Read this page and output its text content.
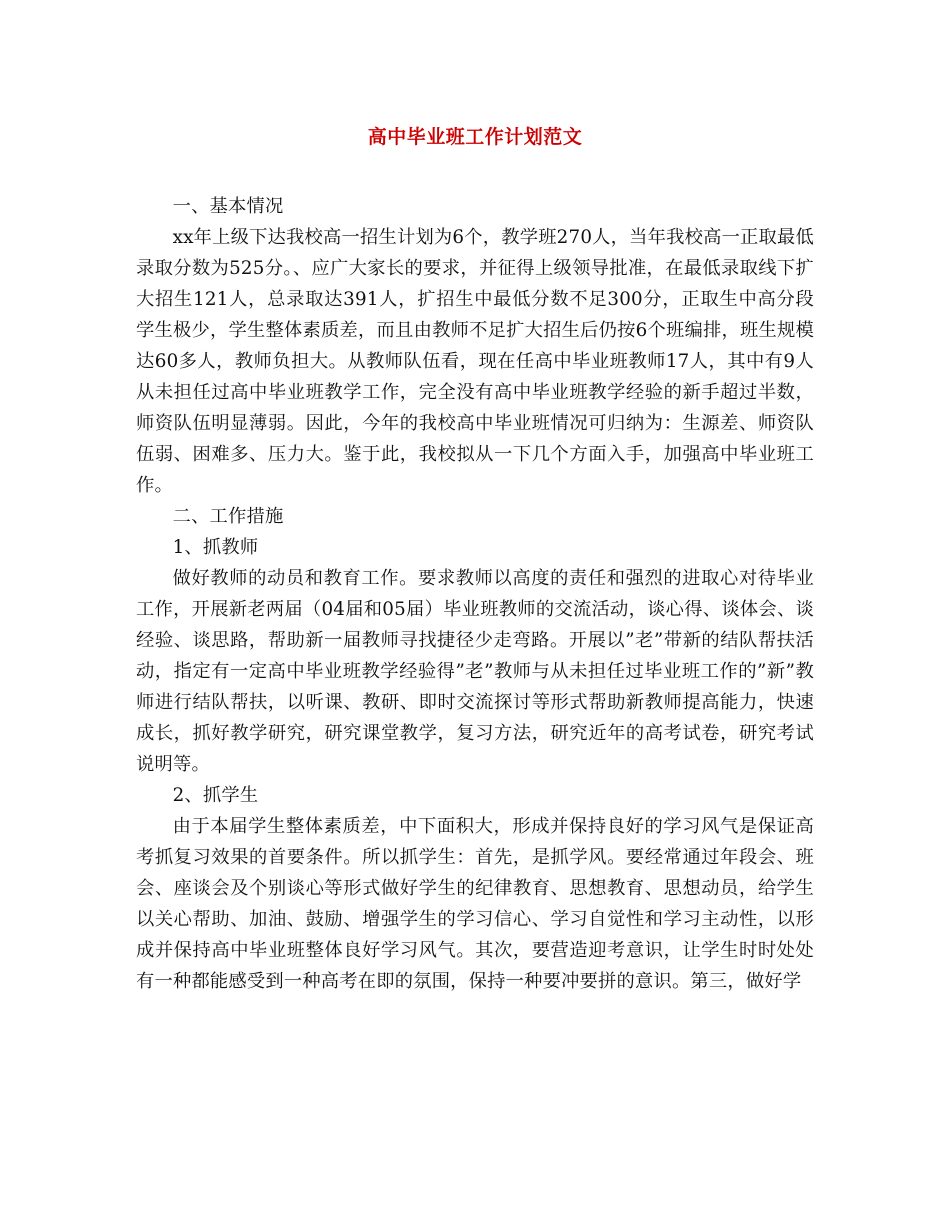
高中毕业班工作计划范文

一、基本情况

xx年上级下达我校高一招生计划为6个，教学班270人，当年我校高一正取最低录取分数为525分。、应广大家长的要求，并征得上级领导批准，在最低录取线下扩大招生121人，总录取达391人，扩招生中最低分数不足300分，正取生中高分段学生极少，学生整体素质差，而且由教师不足扩大招生后仍按6个班编排，班生规模达60多人，教师负担大。从教师队伍看，现在任高中毕业班教师17人，其中有9人从未担任过高中毕业班教学工作，完全没有高中毕业班教学经验的新手超过半数，师资队伍明显薄弱。因此，今年的我校高中毕业班情况可归纳为：生源差、师资队伍弱、困难多、压力大。鉴于此，我校拟从一下几个方面入手，加强高中毕业班工作。

二、工作措施

1、抓教师

做好教师的动员和教育工作。要求教师以高度的责任和强烈的进取心对待毕业工作，开展新老两届（04届和05届）毕业班教师的交流活动，谈心得、谈体会、谈经验、谈思路，帮助新一届教师寻找捷径少走弯路。开展以”老”带新的结队帮扶活动，指定有一定高中毕业班教学经验得”老”教师与从未担任过毕业班工作的”新”教师进行结队帮扶，以听课、教研、即时交流探讨等形式帮助新教师提高能力，快速成长，抓好教学研究，研究课堂教学，复习方法，研究近年的高考试卷，研究考试说明等。

2、抓学生

由于本届学生整体素质差，中下面积大，形成并保持良好的学习风气是保证高考抓复习效果的首要条件。所以抓学生：首先，是抓学风。要经常通过年段会、班会、座谈会及个别谈心等形式做好学生的纪律教育、思想教育、思想动员，给学生以关心帮助、加油、鼓励、增强学生的学习信心、学习自觉性和学习主动性，以形成并保持高中毕业班整体良好学习风气。其次，要营造迎考意识，让学生时时处处有一种都能感受到一种高考在即的氛围，保持一种要冲要拼的意识。第三，做好学
